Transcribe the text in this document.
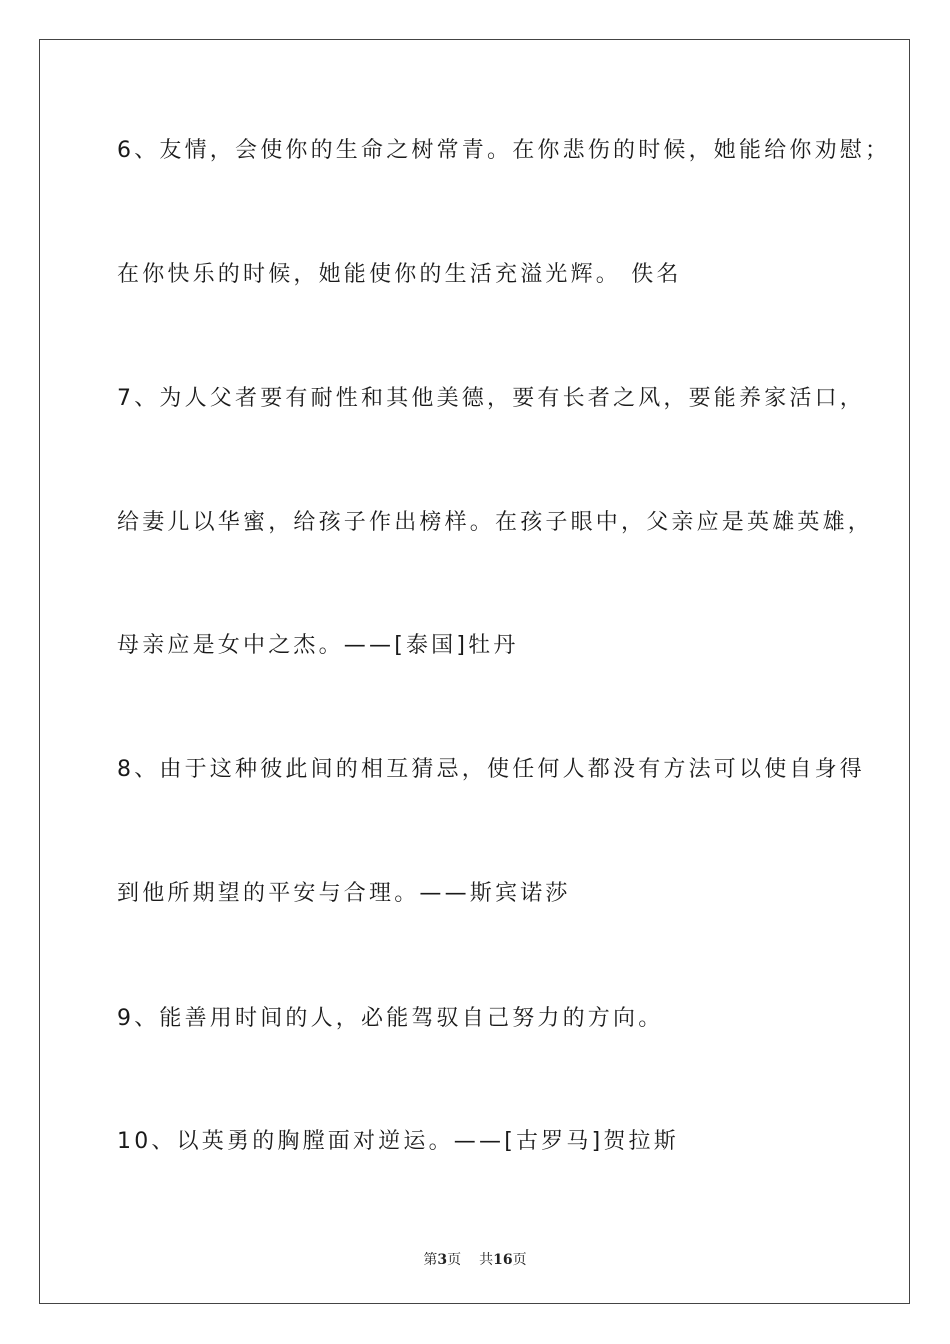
6、友情，会使你的生命之树常青。在你悲伤的时候，她能给你劝慰；
在你快乐的时候，她能使你的生活充溢光辉。 佚名
7、为人父者要有耐性和其他美德，要有长者之风，要能养家活口，
给妻儿以华蜜，给孩子作出榜样。在孩子眼中，父亲应是英雄英雄，
母亲应是女中之杰。——[泰国]牡丹
8、由于这种彼此间的相互猜忌，使任何人都没有方法可以使自身得
到他所期望的平安与合理。——斯宾诺莎
9、能善用时间的人，必能驾驭自己努力的方向。
10、以英勇的胸膛面对逆运。——[古罗马]贺拉斯
第3页 共16页
